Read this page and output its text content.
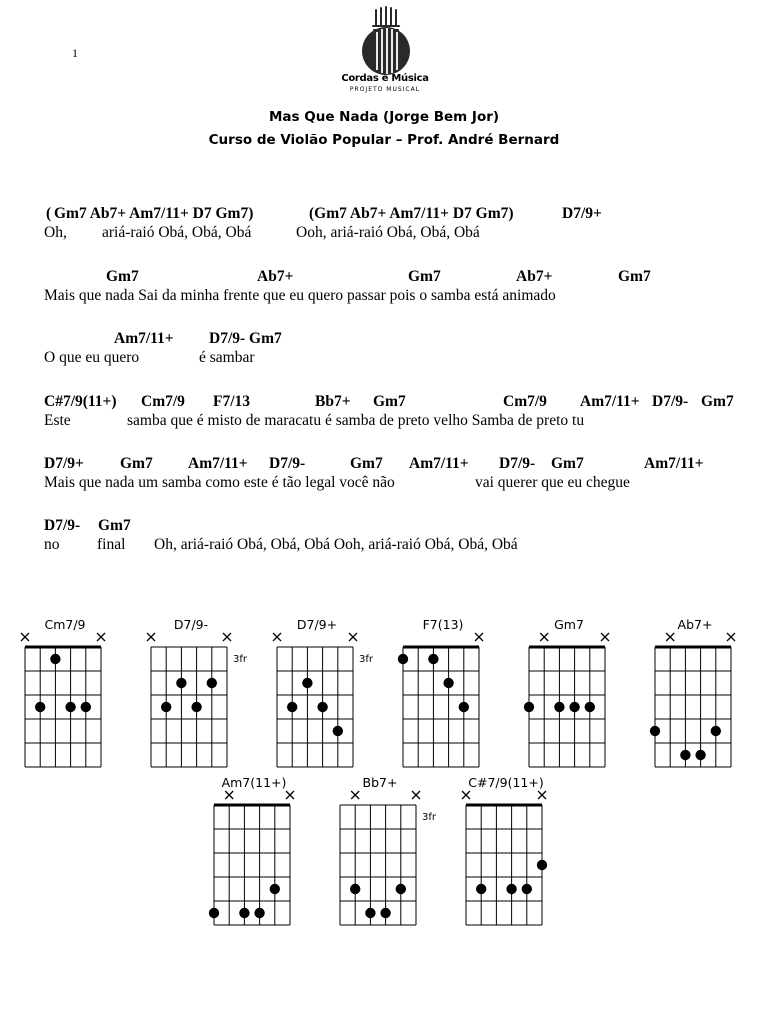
1
Cordas e Música
PROJETO MUSICAL
Mas Que Nada (Jorge Bem Jor)
Curso de Violão Popular – Prof. André Bernard
( Gm7 Ab7+ Am7/11+ D7 Gm7)	(Gm7 Ab7+ Am7/11+ D7 Gm7)	D7/9+
Oh, ariá-raió Obá, Obá, Obá	Ooh, ariá-raió Obá, Obá, Obá
Gm7	Ab7+	Gm7	Ab7+	Gm7
Mais que nada Sai da minha frente que eu quero passar pois o samba está animado
Am7/11+ D7/9- Gm7
O que eu quero	é sambar
C#7/9(11+) Cm7/9 F7/13	Bb7+ Gm7	Cm7/9 Am7/11+ D7/9- Gm7
Este	samba que é misto de maracatu é samba de preto velho Samba de preto tu
D7/9+ Gm7 Am7/11+ D7/9-	Gm7 Am7/11+ D7/9- Gm7	Am7/11+
Mais que nada um samba como este é tão legal você não	vai querer que eu chegue
D7/9- Gm7
no final Oh, ariá-raió Obá, Obá, Obá Ooh, ariá-raió Obá, Obá, Obá
Cm7/9	D7/9-
3fr
D7/9+
3fr
F7(13)	Gm7	Ab7+
Am7(11+)	Bb7+
3fr
C#7/9(11+)
